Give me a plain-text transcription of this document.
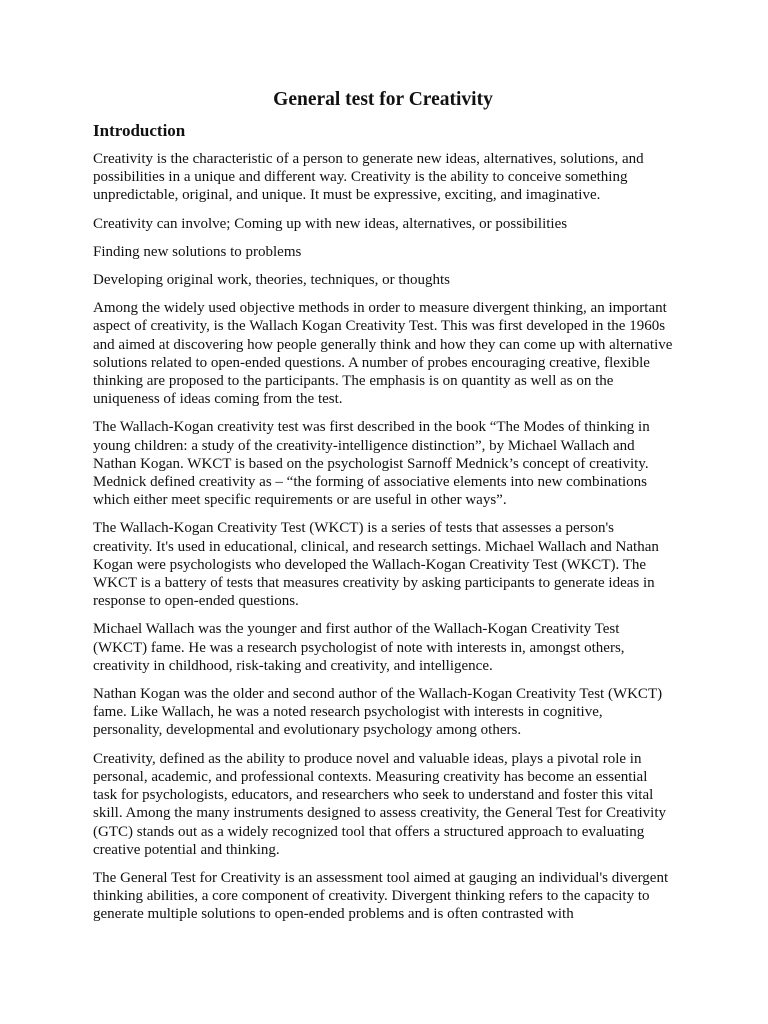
General test for Creativity
Introduction

Creativity is the characteristic of a person to generate new ideas, alternatives, solutions, and possibilities in a unique and different way. Creativity is the ability to conceive something unpredictable, original, and unique. It must be expressive, exciting, and imaginative.

Creativity can involve; Coming up with new ideas, alternatives, or possibilities

Finding new solutions to problems

Developing original work, theories, techniques, or thoughts

Among the widely used objective methods in order to measure divergent thinking, an important aspect of creativity, is the Wallach Kogan Creativity Test. This was first developed in the 1960s and aimed at discovering how people generally think and how they can come up with alternative solutions related to open-ended questions. A number of probes encouraging creative, flexible thinking are proposed to the participants. The emphasis is on quantity as well as on the uniqueness of ideas coming from the test.

The Wallach-Kogan creativity test was first described in the book “The Modes of thinking in young children: a study of the creativity-intelligence distinction”, by Michael Wallach and Nathan Kogan. WKCT is based on the psychologist Sarnoff Mednick’s concept of creativity. Mednick defined creativity as – “the forming of associative elements into new combinations which either meet specific requirements or are useful in other ways”.

The Wallach-Kogan Creativity Test (WKCT) is a series of tests that assesses a person's creativity. It's used in educational, clinical, and research settings. Michael Wallach and Nathan Kogan were psychologists who developed the Wallach-Kogan Creativity Test (WKCT). The WKCT is a battery of tests that measures creativity by asking participants to generate ideas in response to open-ended questions.

Michael Wallach was the younger and first author of the Wallach-Kogan Creativity Test (WKCT) fame. He was a research psychologist of note with interests in, amongst others, creativity in childhood, risk-taking and creativity, and intelligence.

Nathan Kogan was the older and second author of the Wallach-Kogan Creativity Test (WKCT) fame. Like Wallach, he was a noted research psychologist with interests in cognitive, personality, developmental and evolutionary psychology among others.

Creativity, defined as the ability to produce novel and valuable ideas, plays a pivotal role in personal, academic, and professional contexts. Measuring creativity has become an essential task for psychologists, educators, and researchers who seek to understand and foster this vital skill. Among the many instruments designed to assess creativity, the General Test for Creativity (GTC) stands out as a widely recognized tool that offers a structured approach to evaluating creative potential and thinking.

The General Test for Creativity is an assessment tool aimed at gauging an individual's divergent thinking abilities, a core component of creativity. Divergent thinking refers to the capacity to generate multiple solutions to open-ended problems and is often contrasted with
